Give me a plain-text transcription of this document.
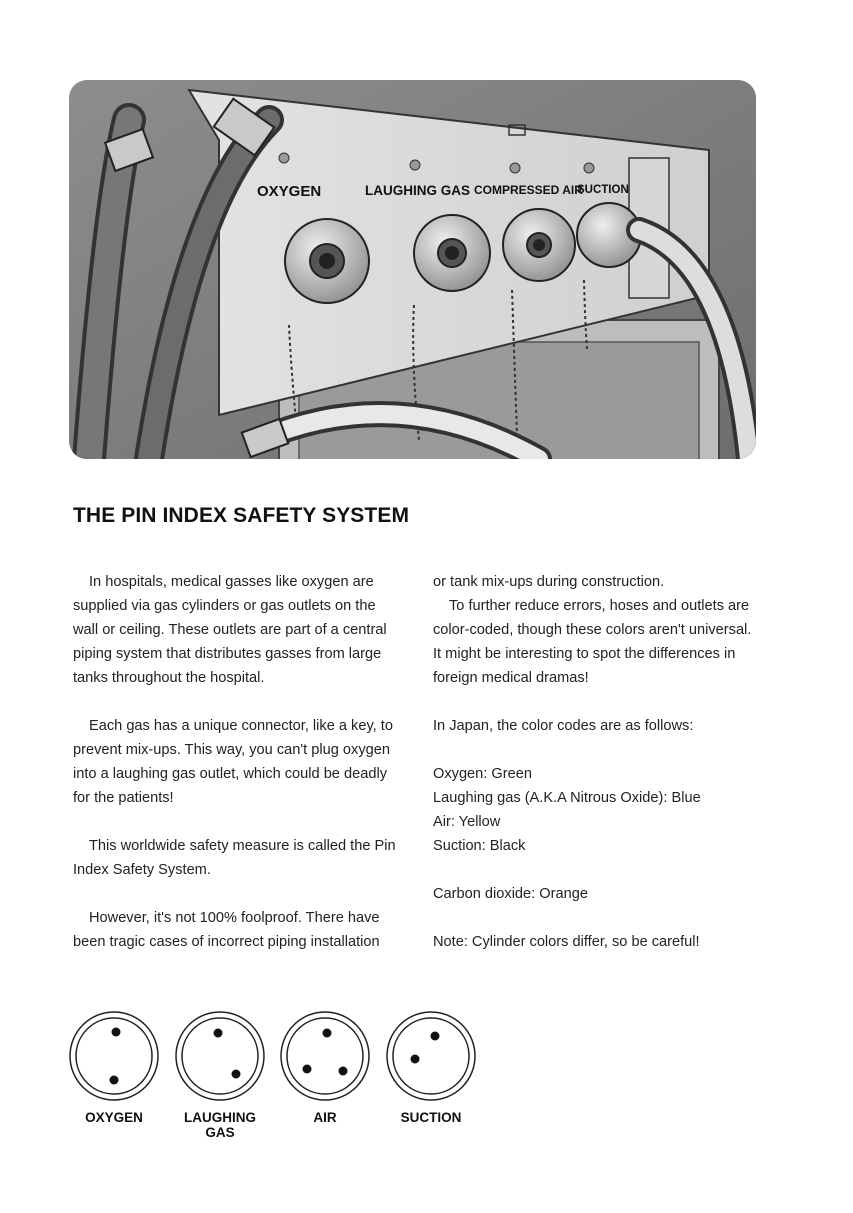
OXYGEN	LAUGHING GAS COMPRESSED AIR
SUCTION
THE PIN INDEX SAFETY SYSTEM

In hospitals, medical gasses like oxygen are supplied via gas cylinders or gas outlets on the wall or ceiling. These outlets are part of a central piping system that distributes gasses from large tanks throughout the hospital.

Each gas has a unique connector, like a key, to prevent mix-ups. This way, you can't plug oxygen into a laughing gas outlet, which could be deadly for the patients!

This worldwide safety measure is called the Pin Index Safety System.

However, it's not 100% foolproof. There have been tragic cases of incorrect piping installation

or tank mix-ups during construction.

To further reduce errors, hoses and outlets are color-coded, though these colors aren't universal. It might be interesting to spot the differences in foreign medical dramas!

In Japan, the color codes are as follows:

Oxygen: Green
Laughing gas (A.K.A Nitrous Oxide): Blue
Air: Yellow
Suction: Black

Carbon dioxide: Orange

Note: Cylinder colors differ, so be careful!

OXYGEN	LAUGHING
GAS
AIR	SUCTION
